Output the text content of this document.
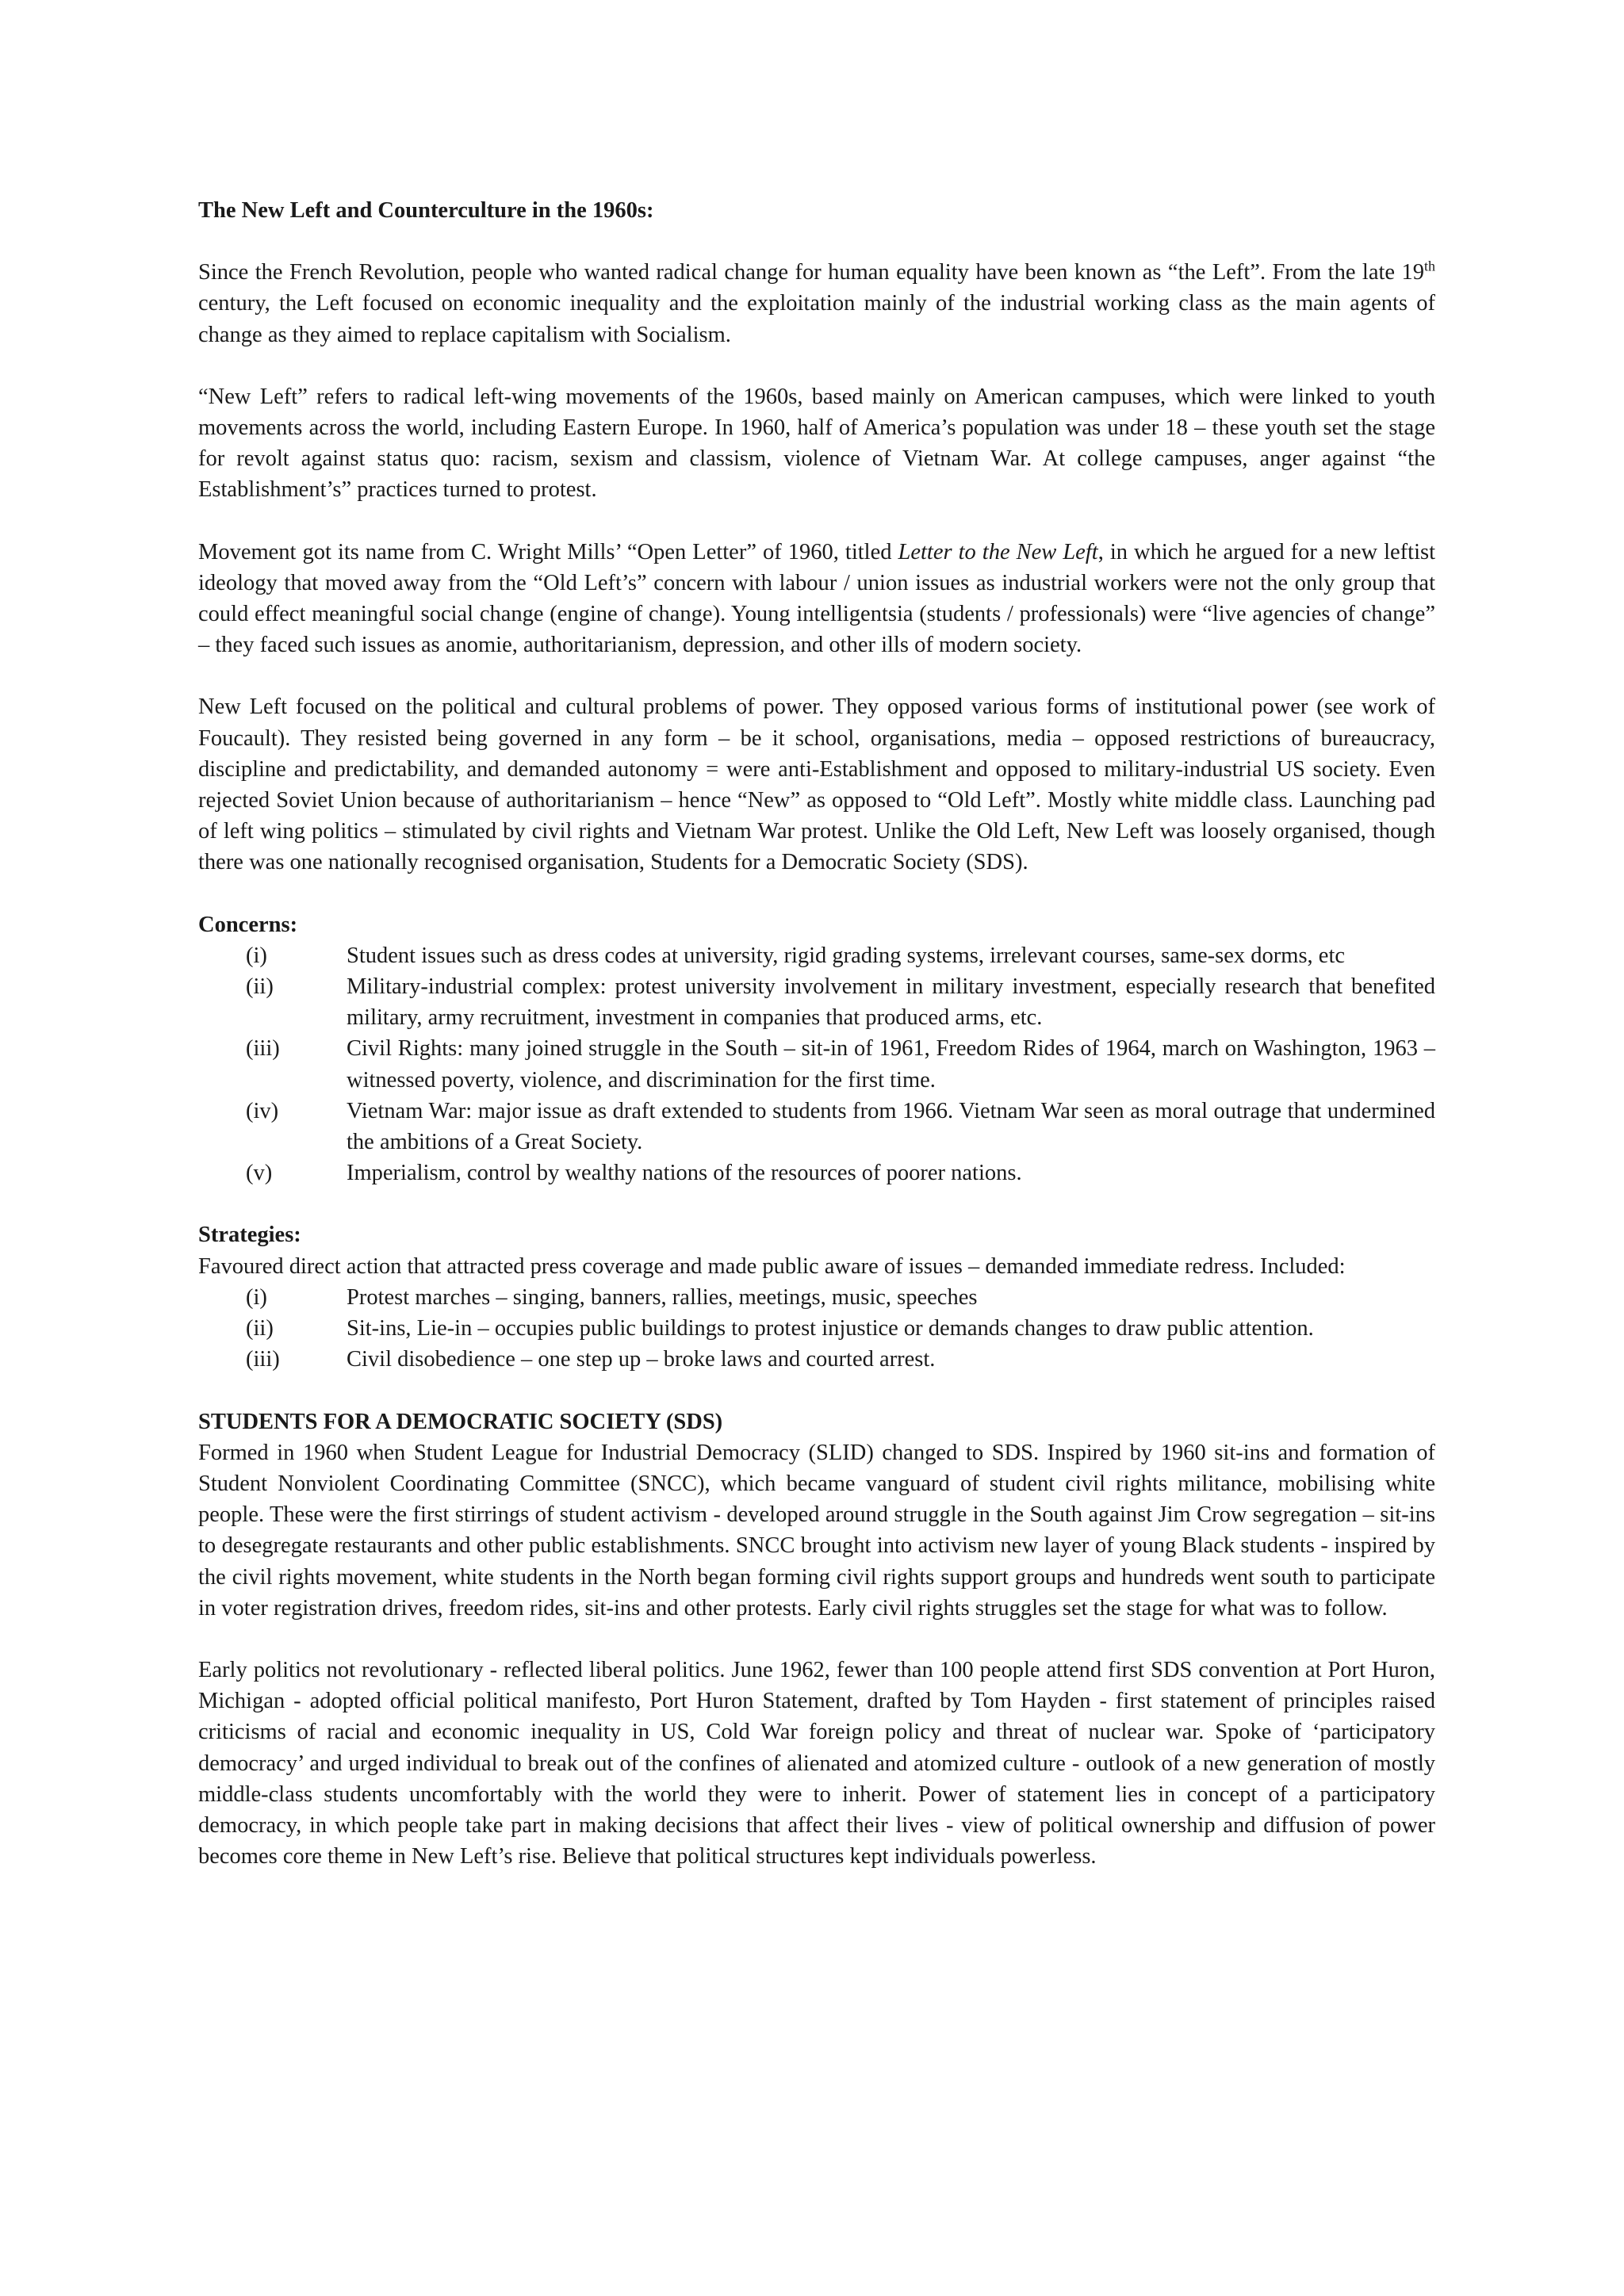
The New Left and Counterculture in the 1960s:

Since the French Revolution, people who wanted radical change for human equality have been known as “the Left”. From the late 19th century, the Left focused on economic inequality and the exploitation mainly of the industrial working class as the main agents of change as they aimed to replace capitalism with Socialism.

“New Left” refers to radical left-wing movements of the 1960s, based mainly on American campuses, which were linked to youth movements across the world, including Eastern Europe. In 1960, half of America’s population was under 18 – these youth set the stage for revolt against status quo: racism, sexism and classism, violence of Vietnam War. At college campuses, anger against “the Establishment’s” practices turned to protest.

Movement got its name from C. Wright Mills’ “Open Letter” of 1960, titled Letter to the New Left, in which he argued for a new leftist ideology that moved away from the “Old Left’s” concern with labour / union issues as industrial workers were not the only group that could effect meaningful social change (engine of change). Young intelligentsia (students / professionals) were “live agencies of change” – they faced such issues as anomie, authoritarianism, depression, and other ills of modern society.

New Left focused on the political and cultural problems of power. They opposed various forms of institutional power (see work of Foucault). They resisted being governed in any form – be it school, organisations, media – opposed restrictions of bureaucracy, discipline and predictability, and demanded autonomy = were anti-Establishment and opposed to military-industrial US society. Even rejected Soviet Union because of authoritarianism – hence “New” as opposed to “Old Left”. Mostly white middle class. Launching pad of left wing politics – stimulated by civil rights and Vietnam War protest. Unlike the Old Left, New Left was loosely organised, though there was one nationally recognised organisation, Students for a Democratic Society (SDS).

Concerns:
(i)	Student issues such as dress codes at university, rigid grading systems, irrelevant courses, same-sex dorms, etc
(ii)	Military-industrial complex: protest university involvement in military investment, especially research that benefited military, army recruitment, investment in companies that produced arms, etc.
(iii)	Civil Rights: many joined struggle in the South – sit-in of 1961, Freedom Rides of 1964, march on Washington, 1963 – witnessed poverty, violence, and discrimination for the first time.
(iv)	Vietnam War: major issue as draft extended to students from 1966. Vietnam War seen as moral outrage that undermined the ambitions of a Great Society.
(v)	Imperialism, control by wealthy nations of the resources of poorer nations.
Strategies:

Favoured direct action that attracted press coverage and made public aware of issues – demanded immediate redress. Included:

(i)	Protest marches – singing, banners, rallies, meetings, music, speeches
(ii)	Sit-ins, Lie-in – occupies public buildings to protest injustice or demands changes to draw public attention.
(iii)	Civil disobedience – one step up – broke laws and courted arrest.
STUDENTS FOR A DEMOCRATIC SOCIETY (SDS)

Formed in 1960 when Student League for Industrial Democracy (SLID) changed to SDS. Inspired by 1960 sit-ins and formation of Student Nonviolent Coordinating Committee (SNCC), which became vanguard of student civil rights militance, mobilising white people. These were the first stirrings of student activism - developed around struggle in the South against Jim Crow segregation – sit-ins to desegregate restaurants and other public establishments. SNCC brought into activism new layer of young Black students - inspired by the civil rights movement, white students in the North began forming civil rights support groups and hundreds went south to participate in voter registration drives, freedom rides, sit-ins and other protests. Early civil rights struggles set the stage for what was to follow.

Early politics not revolutionary - reflected liberal politics. June 1962, fewer than 100 people attend first SDS convention at Port Huron, Michigan - adopted official political manifesto, Port Huron Statement, drafted by Tom Hayden - first statement of principles raised criticisms of racial and economic inequality in US, Cold War foreign policy and threat of nuclear war. Spoke of ‘participatory democracy’ and urged individual to break out of the confines of alienated and atomized culture - outlook of a new generation of mostly middle-class students uncomfortably with the world they were to inherit. Power of statement lies in concept of a participatory democracy, in which people take part in making decisions that affect their lives - view of political ownership and diffusion of power becomes core theme in New Left’s rise. Believe that political structures kept individuals powerless.
